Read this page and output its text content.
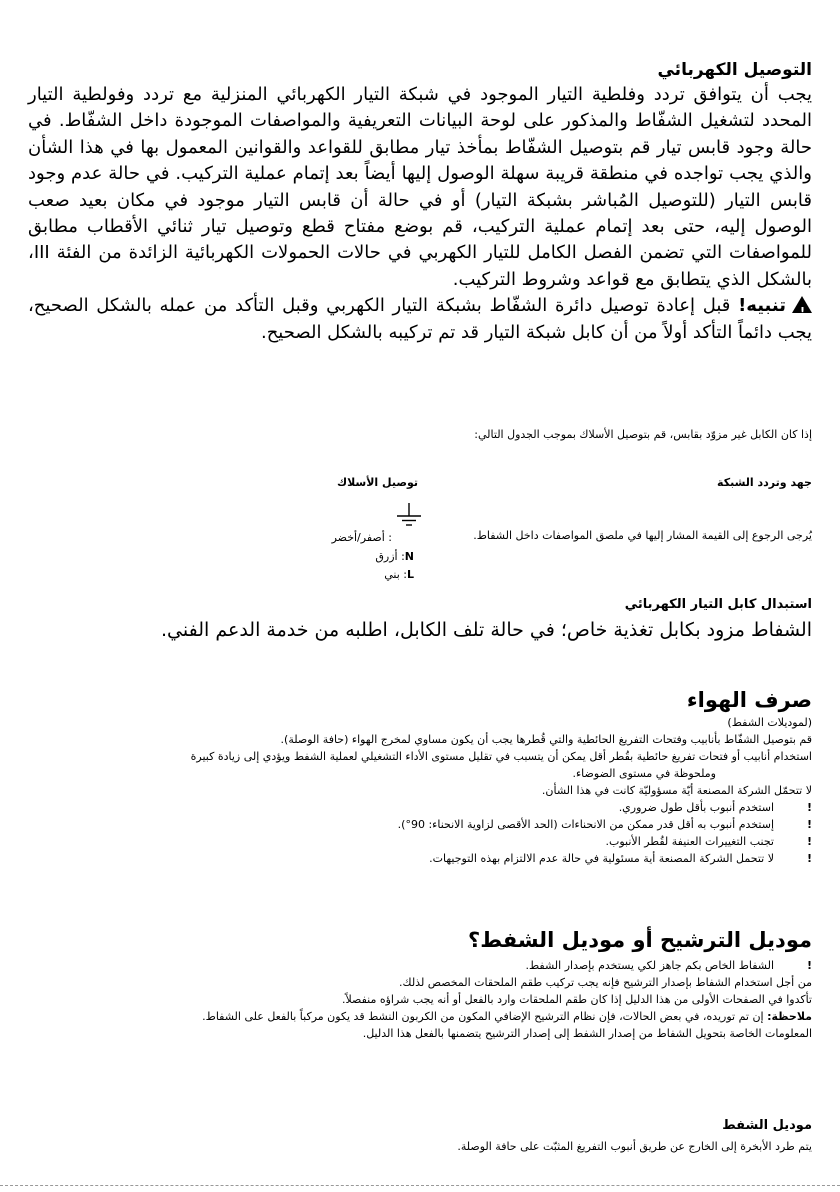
التوصيل الكهربائي

يجب أن يتوافق تردد وفلطية التيار الموجود في شبكة التيار الكهربائي المنزلية مع تردد وفولطية التيار المحدد لتشغيل الشفّاط والمذكور على لوحة البيانات التعريفية والمواصفات الموجودة داخل الشفّاط. في حالة وجود قابس تيار قم بتوصيل الشفّاط بمأخذ تيار مطابق للقواعد والقوانين المعمول بها في هذا الشأن والذي يجب تواجده في منطقة قريبة سهلة الوصول إليها أيضاً بعد إتمام عملية التركيب. في حالة عدم وجود قابس التيار (للتوصيل المُباشر بشبكة التيار) أو في حالة أن قابس التيار موجود في مكان بعيد صعب الوصول إليه، حتى بعد إتمام عملية التركيب، قم بوضع مفتاح قطع وتوصيل تيار ثنائي الأقطاب مطابق للمواصفات التي تضمن الفصل الكامل للتيار الكهربي في حالات الحمولات الكهربائية الزائدة من الفئة III، بالشكل الذي يتطابق مع قواعد وشروط التركيب.

!تنبيه! قبل إعادة توصيل دائرة الشفّاط بشبكة التيار الكهربي وقبل التأكد من عمله بالشكل الصحيح، يجب دائماً التأكد أولاً من أن كابل شبكة التيار قد تم تركيبه بالشكل الصحيح.

إذا كان الكابل غير مزوّد بقابس، قم بتوصيل الأسلاك بموجب الجدول التالي:
جهد وتردد الشبكة
توصيل الأسلاك
يُرجى الرجوع إلى القيمة المشار إليها في ملصق المواصفات داخل الشفاط.
: أصفر/أخضر
N: أزرق
L: بني
استبدال كابل التيار الكهربائي
الشفاط مزود بكابل تغذية خاص؛ في حالة تلف الكابل، اطلبه من خدمة الدعم الفني.
صرف الهواء
(لموديلات الشفط)
قم بتوصيل الشفّاط بأنابيب وفتحات التفريغ الحائطية والتي قُطرها يجب أن يكون مساوي لمخرج الهواء (حافة الوصلة).
استخدام أنابيب أو فتحات تفريغ حائطية بقُطر أقل يمكن أن يتسبب في تقليل مستوى الأداء التشغيلي لعملية الشفط ويؤدي إلى زيادة كبيرة
وملحوظة في مستوى الضوضاء.
لا تتحمّل الشركة المصنعة أيّة مسؤوليّة كانت في هذا الشأن.
!
استخدم أنبوب بأقل طول ضروري.
!
إستخدم أنبوب به أقل قدر ممكن من الانحناءات (الحد الأقصى لزاوية الانحناء: 90°).
!
تجنب التغييرات العنيفة لقُطر الأنبوب.
!
لا تتحمل الشركة المصنعة أية مسئولية في حالة عدم الالتزام بهذه التوجيهات.
موديل الترشيح أو موديل الشفط؟
!
الشفاط الخاص بكم جاهز لكي يستخدم بإصدار الشفط.
من أجل استخدام الشفاط بإصدار الترشيح فإنه يجب تركيب طقم الملحقات المخصص لذلك.
تأكدوا في الصفحات الأولى من هذا الدليل إذا كان طقم الملحقات وارد بالفعل أو أنه يجب شراؤه منفصلاً.
ملاحظة: إن تم توريده، في بعض الحالات، فإن نظام الترشيح الإضافي المكون من الكربون النشط قد يكون مركباً بالفعل على الشفاط.
المعلومات الخاصة بتحويل الشفاط من إصدار الشفط إلى إصدار الترشيح يتضمنها بالفعل هذا الدليل.
موديل الشفط
يتم طرد الأبخرة إلى الخارج عن طريق أنبوب التفريغ المثبّت على حافة الوصلة.
